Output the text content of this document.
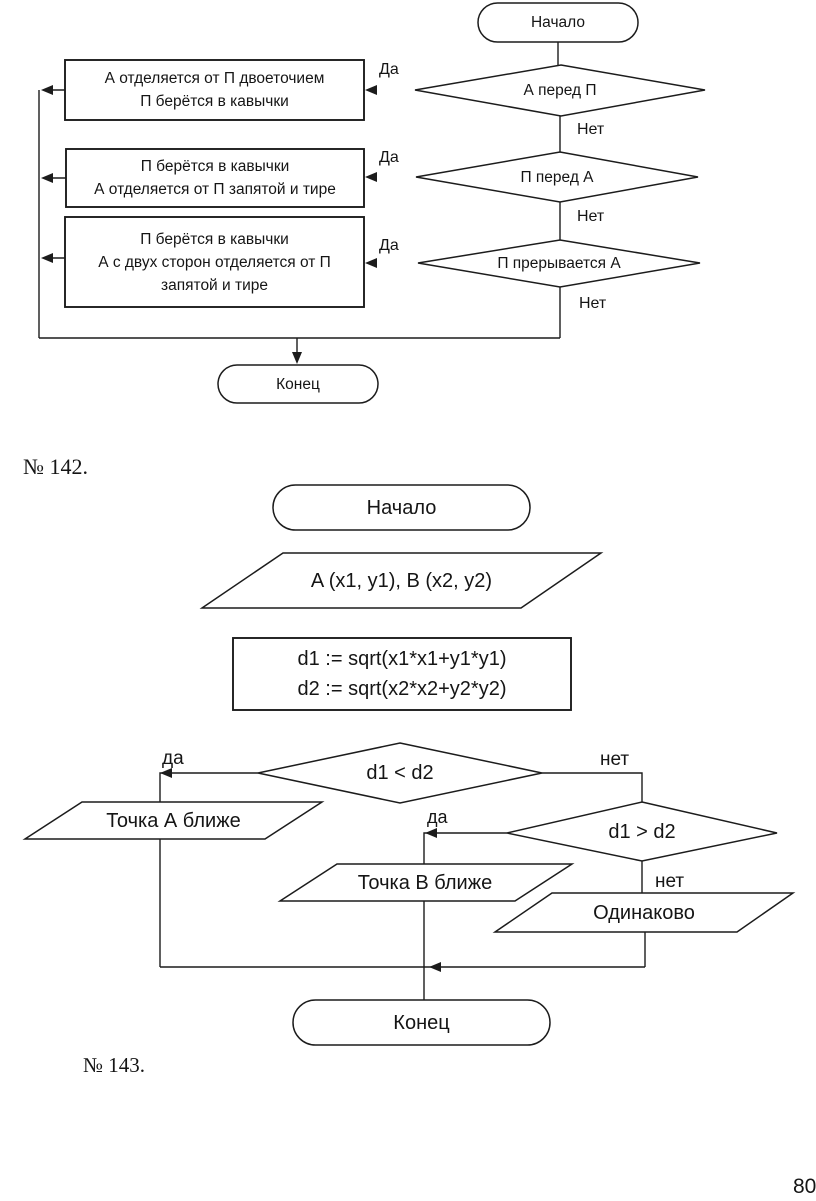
Начало
А перед П
П перед А
П прерывается А
А отделяется от П двоеточием
П берётся в кавычки
П берётся в кавычки
А отделяется от П запятой и тире
П берётся в кавычки
А с двух сторон отделяется от П
запятой и тире
Конец
Да
Да
Да
Нет
Нет
Нет
№ 142.
№ 143.
80
Начало
A (x1, y1), B (x2, y2)
d1 := sqrt(x1*x1+y1*y1)
d2 := sqrt(x2*x2+y2*y2)
d1 < d2
Точка А ближе	d1 > d2
Точка В ближе
Одинаково
Конец
да	нет
да
нет
